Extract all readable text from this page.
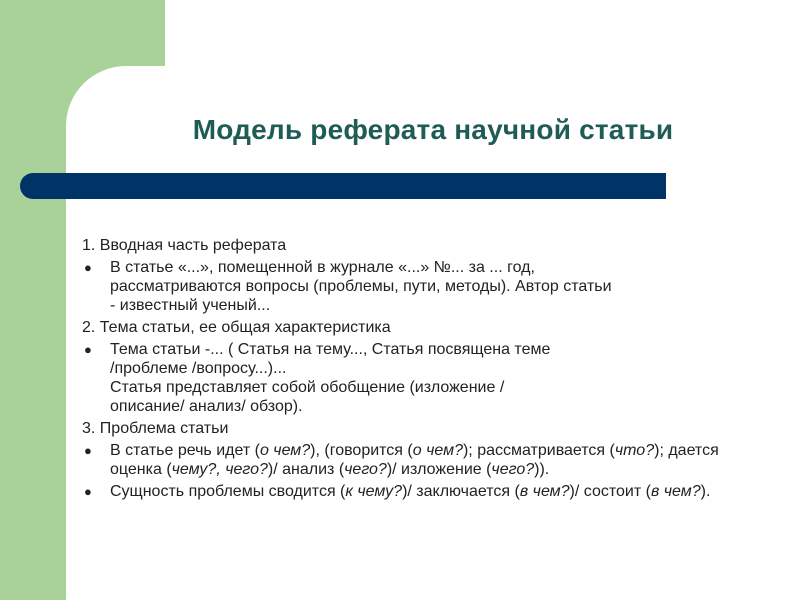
Модель реферата научной статьи

1. Вводная часть реферата

● В статье «...», помещенной в журнале «...» №... за ... год,
рассматриваются вопросы (проблемы, пути, методы). Автор статьи
- известный ученый...

2. Тема статьи, ее общая характеристика

● Тема статьи -... ( Статья на тему..., Статья посвящена теме
/проблеме /вопросу...)...
Статья представляет собой обобщение (изложение /
описание/ анализ/ обзор).

3. Проблема статьи

● В статье речь идет (о чем?), (говорится (о чем?); рассматривается (что?); дается оценка (чему?, чего?)/ анализ (чего?)/ изложение (чего?)).
● Сущность проблемы сводится (к чему?)/ заключается (в чем?)/ состоит (в чем?).
